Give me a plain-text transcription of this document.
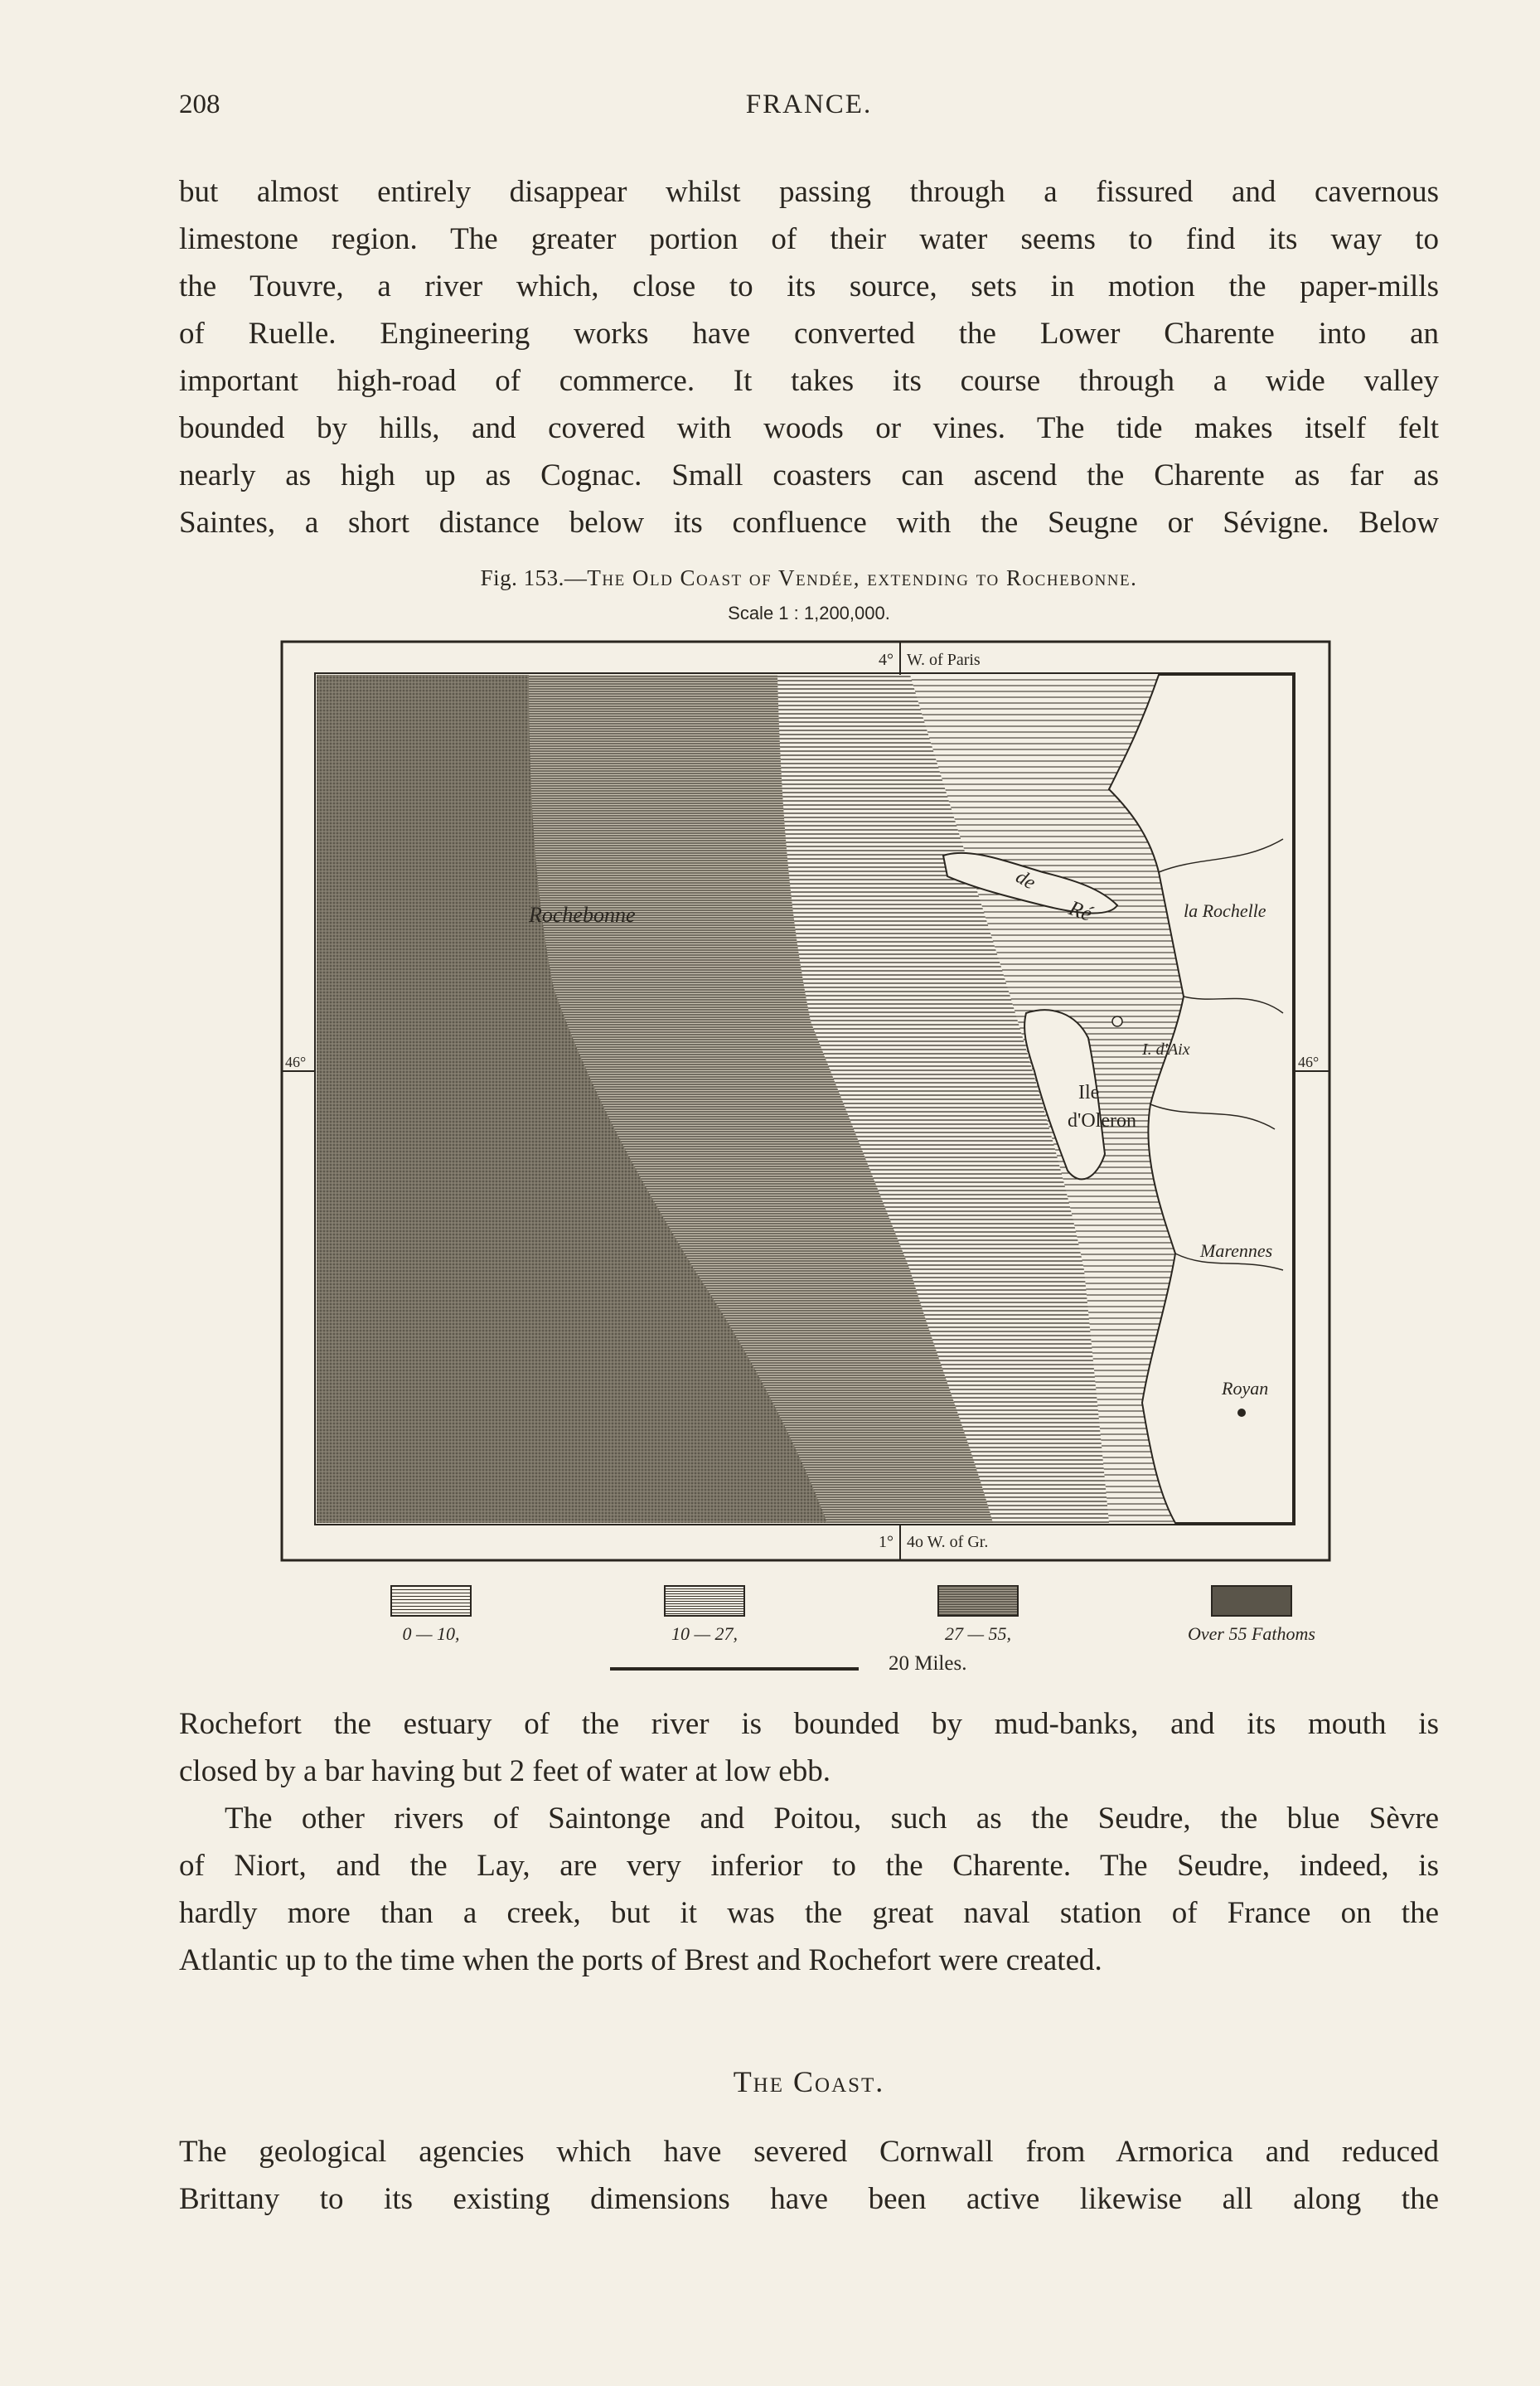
208	FRANCE.
but almost entirely disappear whilst passing through a fissured and cavernous
limestone region. The greater portion of their water seems to find its way to
the Touvre, a river which, close to its source, sets in motion the paper-mills
of Ruelle. Engineering works have converted the Lower Charente into an
important high-road of commerce. It takes its course through a wide valley
bounded by hills, and covered with woods or vines. The tide makes itself felt
nearly as high up as Cognac. Small coasters can ascend the Charente as far as
Saintes, a short distance below its confluence with the Seugne or Sévigne. Below
Fig. 153.—The Old Coast of Vendée, extending to Rochebonne.
Scale 1 : 1,200,000.
4° W. of Paris
46°	46°
1° 4o W. of Gr.
Rochebonne
de
Ré	la Rochelle
I. d'Aix
Ile
d'Oleron
Marennes
Royan
0 — 10,	10 — 27,	27 — 55,	Over 55 Fathoms
20 Miles.
Rochefort the estuary of the river is bounded by mud-banks, and its mouth is
closed by a bar having but 2 feet of water at low ebb.
The other rivers of Saintonge and Poitou, such as the Seudre, the blue Sèvre
of Niort, and the Lay, are very inferior to the Charente. The Seudre, indeed, is
hardly more than a creek, but it was the great naval station of France on the
Atlantic up to the time when the ports of Brest and Rochefort were created.
The Coast.
The geological agencies which have severed Cornwall from Armorica and reduced
Brittany to its existing dimensions have been active likewise all along the
